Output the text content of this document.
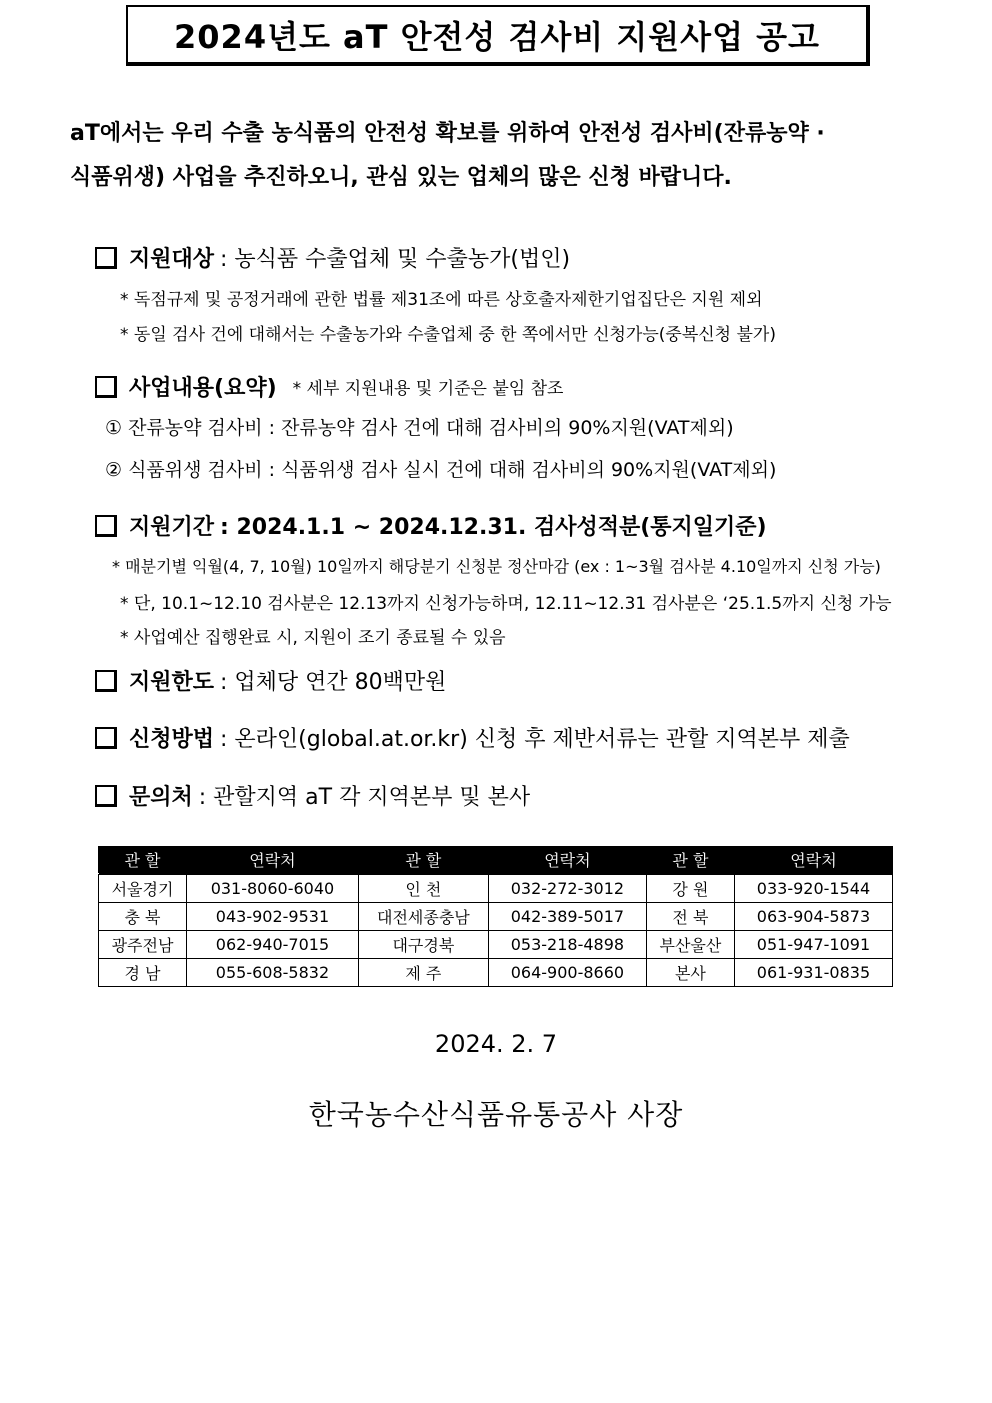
2024년도 aT 안전성 검사비 지원사업 공고
aT에서는 우리 수출 농식품의 안전성 확보를 위하여 안전성 검사비(잔류농약 ·
식품위생) 사업을 추진하오니, 관심 있는 업체의 많은 신청 바랍니다.
지원대상 : 농식품 수출업체 및 수출농가(법인)
* 독점규제 및 공정거래에 관한 법률 제31조에 따른 상호출자제한기업집단은 지원 제외
* 동일 검사 건에 대해서는 수출농가와 수출업체 중 한 쪽에서만 신청가능(중복신청 불가)
사업내용(요약) * 세부 지원내용 및 기준은 붙임 참조
① 잔류농약 검사비 : 잔류농약 검사 건에 대해 검사비의 90%지원(VAT제외)
② 식품위생 검사비 : 식품위생 검사 실시 건에 대해 검사비의 90%지원(VAT제외)
지원기간 : 2024.1.1 ~ 2024.12.31. 검사성적분(통지일기준)
* 매분기별 익월(4, 7, 10월) 10일까지 해당분기 신청분 정산마감 (ex : 1~3월 검사분 4.10일까지 신청 가능)
* 단, 10.1~12.10 검사분은 12.13까지 신청가능하며, 12.11~12.31 검사분은 ‘25.1.5까지 신청 가능
* 사업예산 집행완료 시, 지원이 조기 종료될 수 있음
지원한도 : 업체당 연간 80백만원
신청방법 : 온라인(global.at.or.kr) 신청 후 제반서류는 관할 지역본부 제출
문의처 : 관할지역 aT 각 지역본부 및 본사
관 할	연락처	관 할	연락처	관 할	연락처
서울경기	031-8060-6040	인 천	032-272-3012	강 원	033-920-1544
충 북	043-902-9531	대전세종충남	042-389-5017	전 북	063-904-5873
광주전남	062-940-7015	대구경북	053-218-4898	부산울산	051-947-1091
경 남	055-608-5832	제 주	064-900-8660	본사	061-931-0835
2024. 2. 7
한국농수산식품유통공사 사장
